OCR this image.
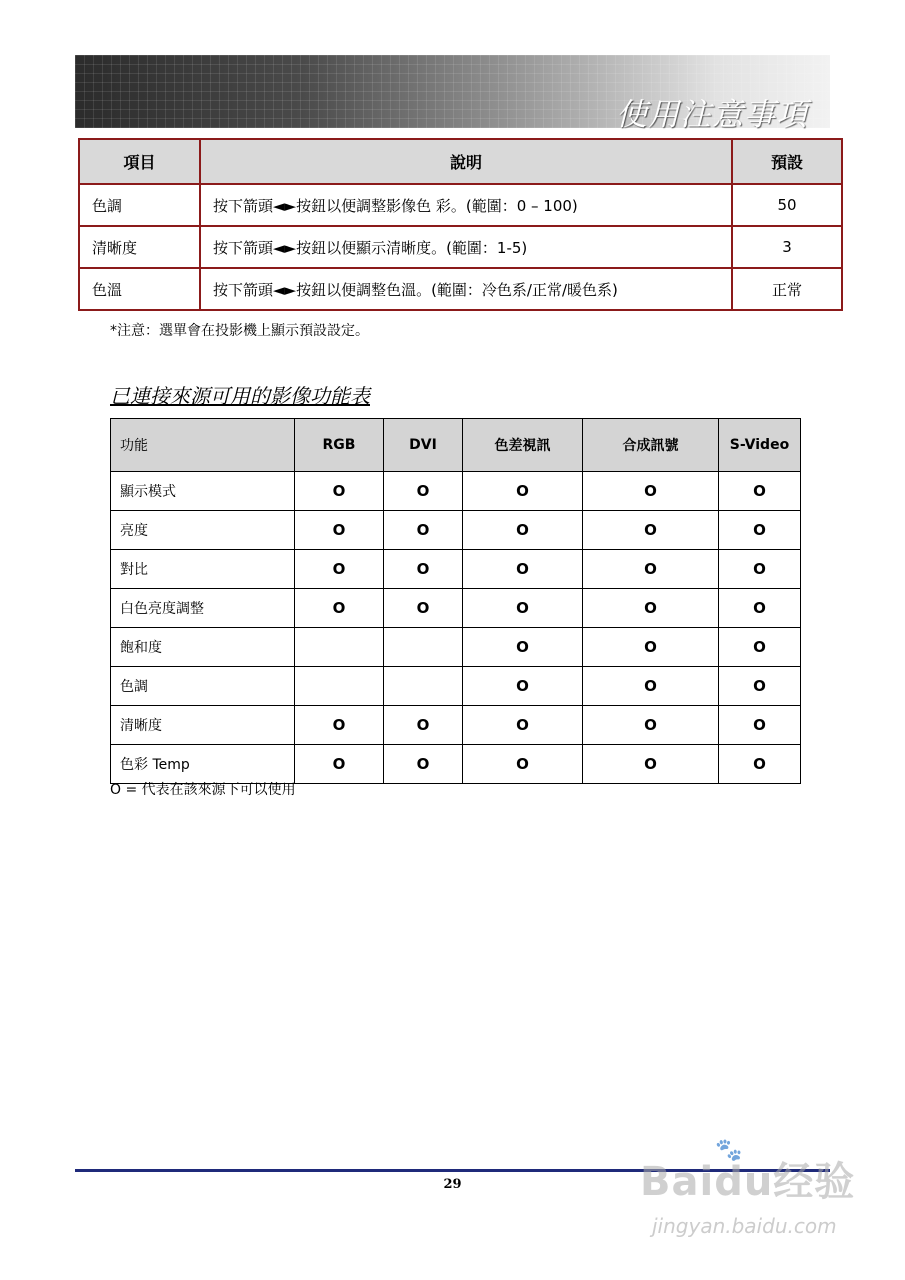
使用注意事項
項目	說明	預設
色調	按下箭頭◄►按鈕以便調整影像色 彩。(範圍：0 – 100)	50
清晰度	按下箭頭◄►按鈕以便顯示清晰度。(範圍：1-5)	3
色溫	按下箭頭◄►按鈕以便調整色溫。(範圍：冷色系/正常/暖色系)	正常
*注意：選單會在投影機上顯示預設設定。
已連接來源可用的影像功能表
功能	RGB	DVI	色差視訊	合成訊號	S-Video
顯示模式	O	O	O	O	O
亮度	O	O	O	O	O
對比	O	O	O	O	O
白色亮度調整	O	O	O	O	O
飽和度			O	O	O
色調			O	O	O
清晰度	O	O	O	O	O
色彩 Temp	O	O	O	O	O
O = 代表在該來源下可以使用
29
🐾
Baidu经验
jingyan.baidu.com
